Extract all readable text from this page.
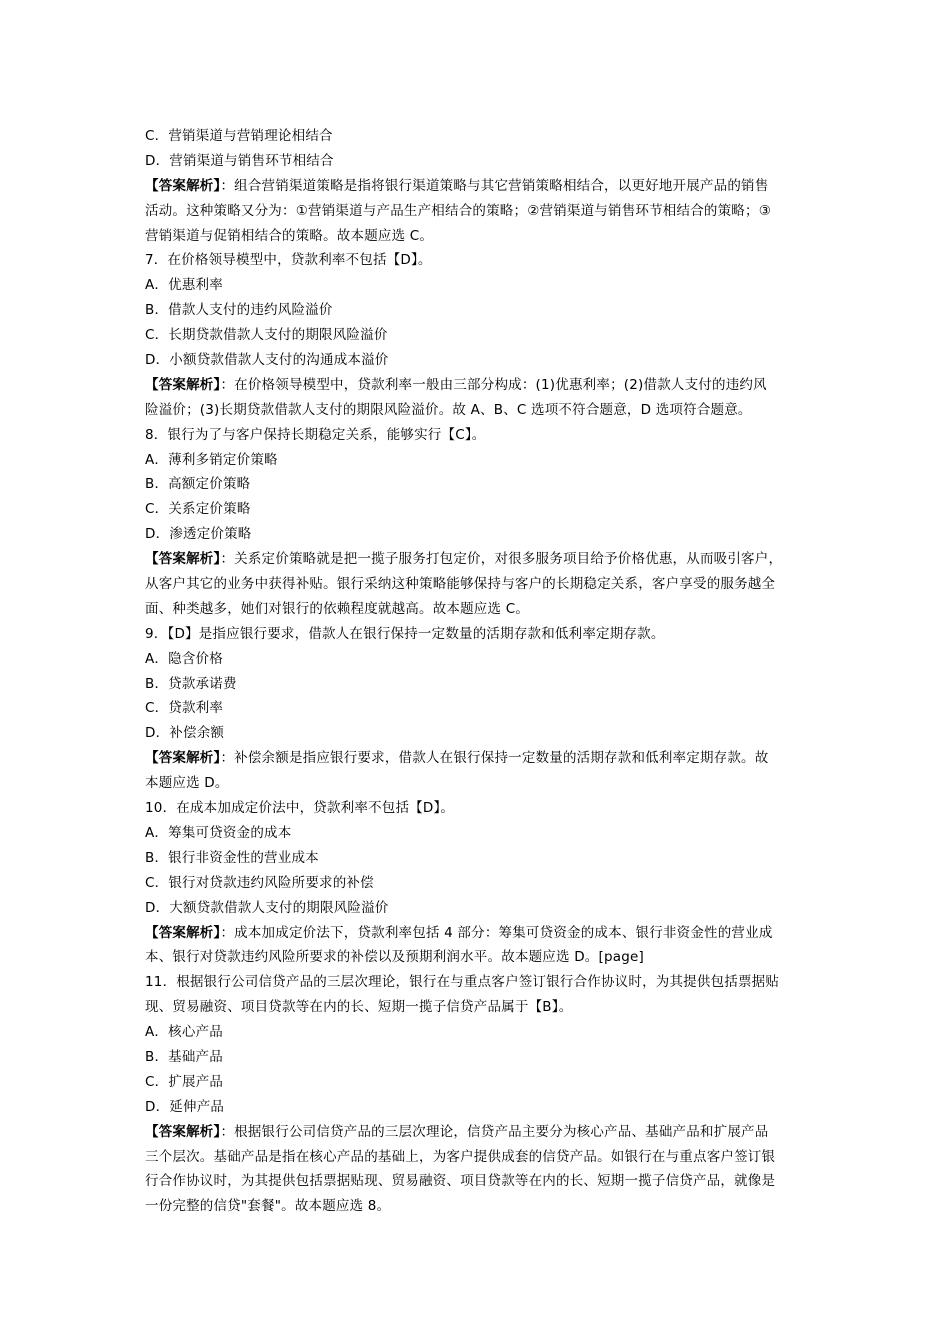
C．营销渠道与营销理论相结合
D．营销渠道与销售环节相结合
【答案解析】：组合营销渠道策略是指将银行渠道策略与其它营销策略相结合，以更好地开展产品的销售
活动。这种策略又分为：①营销渠道与产品生产相结合的策略；②营销渠道与销售环节相结合的策略；③
营销渠道与促销相结合的策略。故本题应选 C。
7．在价格领导模型中，贷款利率不包括【D】。
A．优惠利率
B．借款人支付的违约风险溢价
C．长期贷款借款人支付的期限风险溢价
D．小额贷款借款人支付的沟通成本溢价
【答案解析】：在价格领导模型中，贷款利率一般由三部分构成：(1)优惠利率；(2)借款人支付的违约风
险溢价；(3)长期贷款借款人支付的期限风险溢价。故 A、B、C 选项不符合题意，D 选项符合题意。
8．银行为了与客户保持长期稳定关系，能够实行【C】。
A．薄利多销定价策略
B．高额定价策略
C．关系定价策略
D．渗透定价策略
【答案解析】：关系定价策略就是把一揽子服务打包定价，对很多服务项目给予价格优惠，从而吸引客户，
从客户其它的业务中获得补贴。银行采纳这种策略能够保持与客户的长期稳定关系，客户享受的服务越全
面、种类越多，她们对银行的依赖程度就越高。故本题应选 C。
9．【D】是指应银行要求，借款人在银行保持一定数量的活期存款和低利率定期存款。
A．隐含价格
B．贷款承诺费
C．贷款利率
D．补偿余额
【答案解析】：补偿余额是指应银行要求，借款人在银行保持一定数量的活期存款和低利率定期存款。故
本题应选 D。
10．在成本加成定价法中，贷款利率不包括【D】。
A．筹集可贷资金的成本
B．银行非资金性的营业成本
C．银行对贷款违约风险所要求的补偿
D．大额贷款借款人支付的期限风险溢价
【答案解析】：成本加成定价法下，贷款利率包括 4 部分：筹集可贷资金的成本、银行非资金性的营业成
本、银行对贷款违约风险所要求的补偿以及预期利润水平。故本题应选 D。[page]
11．根据银行公司信贷产品的三层次理论，银行在与重点客户签订银行合作协议时，为其提供包括票据贴
现、贸易融资、项目贷款等在内的长、短期一揽子信贷产品属于【B】。
A．核心产品
B．基础产品
C．扩展产品
D．延伸产品
【答案解析】：根据银行公司信贷产品的三层次理论，信贷产品主要分为核心产品、基础产品和扩展产品
三个层次。基础产品是指在核心产品的基础上，为客户提供成套的信贷产品。如银行在与重点客户签订银
行合作协议时，为其提供包括票据贴现、贸易融资、项目贷款等在内的长、短期一揽子信贷产品，就像是
一份完整的信贷"套餐"。故本题应选 8。
